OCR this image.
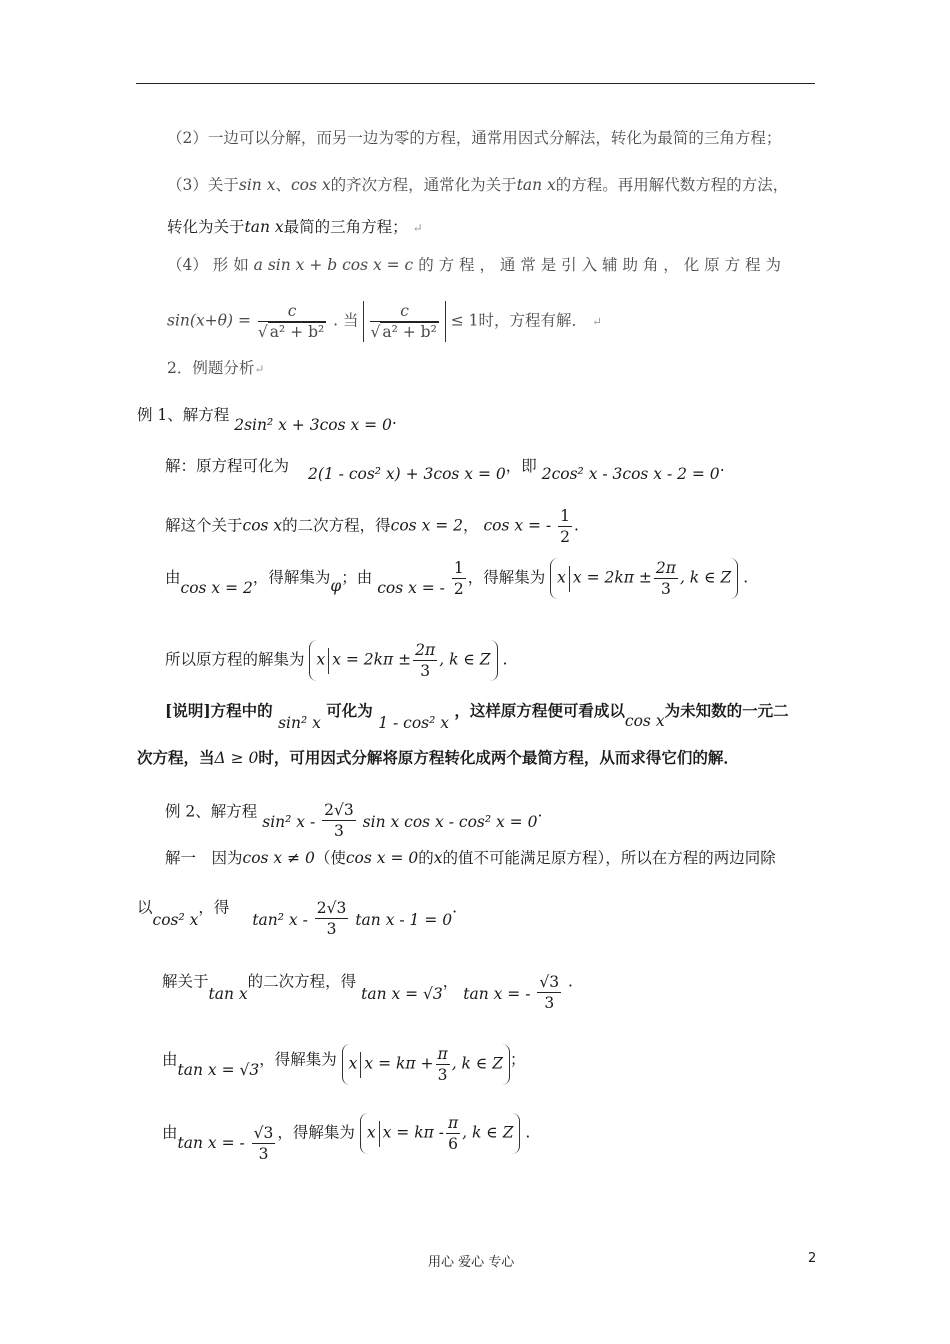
（2）一边可以分解，而另一边为零的方程，通常用因式分解法，转化为最简的三角方程；
（3）关于sin x、cos x的齐次方程，通常化为关于tan x的方程。再用解代数方程的方法，
转化为关于tan x最简的三角方程； ↵
（4） 形 如 a sin x + b cos x = c 的 方 程 ， 通 常 是 引 入 辅 助 角 ， 化 原 方 程 为
$\sin(x+\theta) = \frac{c}{\text{√ a² + b²}}$ . 当 $\frac{c}{\text{√ a² + b²}} \le 1$时，方程有解． ↵
2．例题分析↵
例 1、解方程 2sin² x + 3cos x = 0.
解：原方程可化为 2(1 - cos² x) + 3cos x = 0，即 2cos² x - 3cos x - 2 = 0.
解这个关于cos x的二次方程，得cos x = 2， cos x = - $\frac{1}{2}$ .
由cos x = 2，得解集为φ；由 cos x = - $\frac{1}{2}$ ，得解集为 x $x = 2k\pi \pm \frac{2\pi}{3}$ , k ∈ Z .
所以原方程的解集为 x $x = 2k\pi \pm \frac{2\pi}{3}$ , k ∈ Z .
[说明]方程中的 sin² x 可化为 1 - cos² x ，这样原方程便可看成以cos x为未知数的一元二
次方程，当Δ ≥ 0时，可用因式分解将原方程转化成两个最简方程，从而求得它们的解．
例 2、解方程 sin² x - $\frac{2√3}{3}$ sin x cos x - cos² x = 0.
解一　因为cos x ≠ 0（使cos x = 0的x的值不可能满足原方程），所以在方程的两边同除
以cos² x，得 tan² x - $\frac{2√3}{3}$ tan x - 1 = 0.
解关于tan x的二次方程，得 tan x = √3， tan x = - $\frac{√3}{3}$ .
由tan x = √3，得解集为 x $x = k\pi + \frac{\pi}{3}$ , k ∈ Z ；
由tan x = - $\frac{√3}{3}$ ，得解集为 x $x = k\pi - \frac{\pi}{6}$ , k ∈ Z .
用心 爱心 专心	2
